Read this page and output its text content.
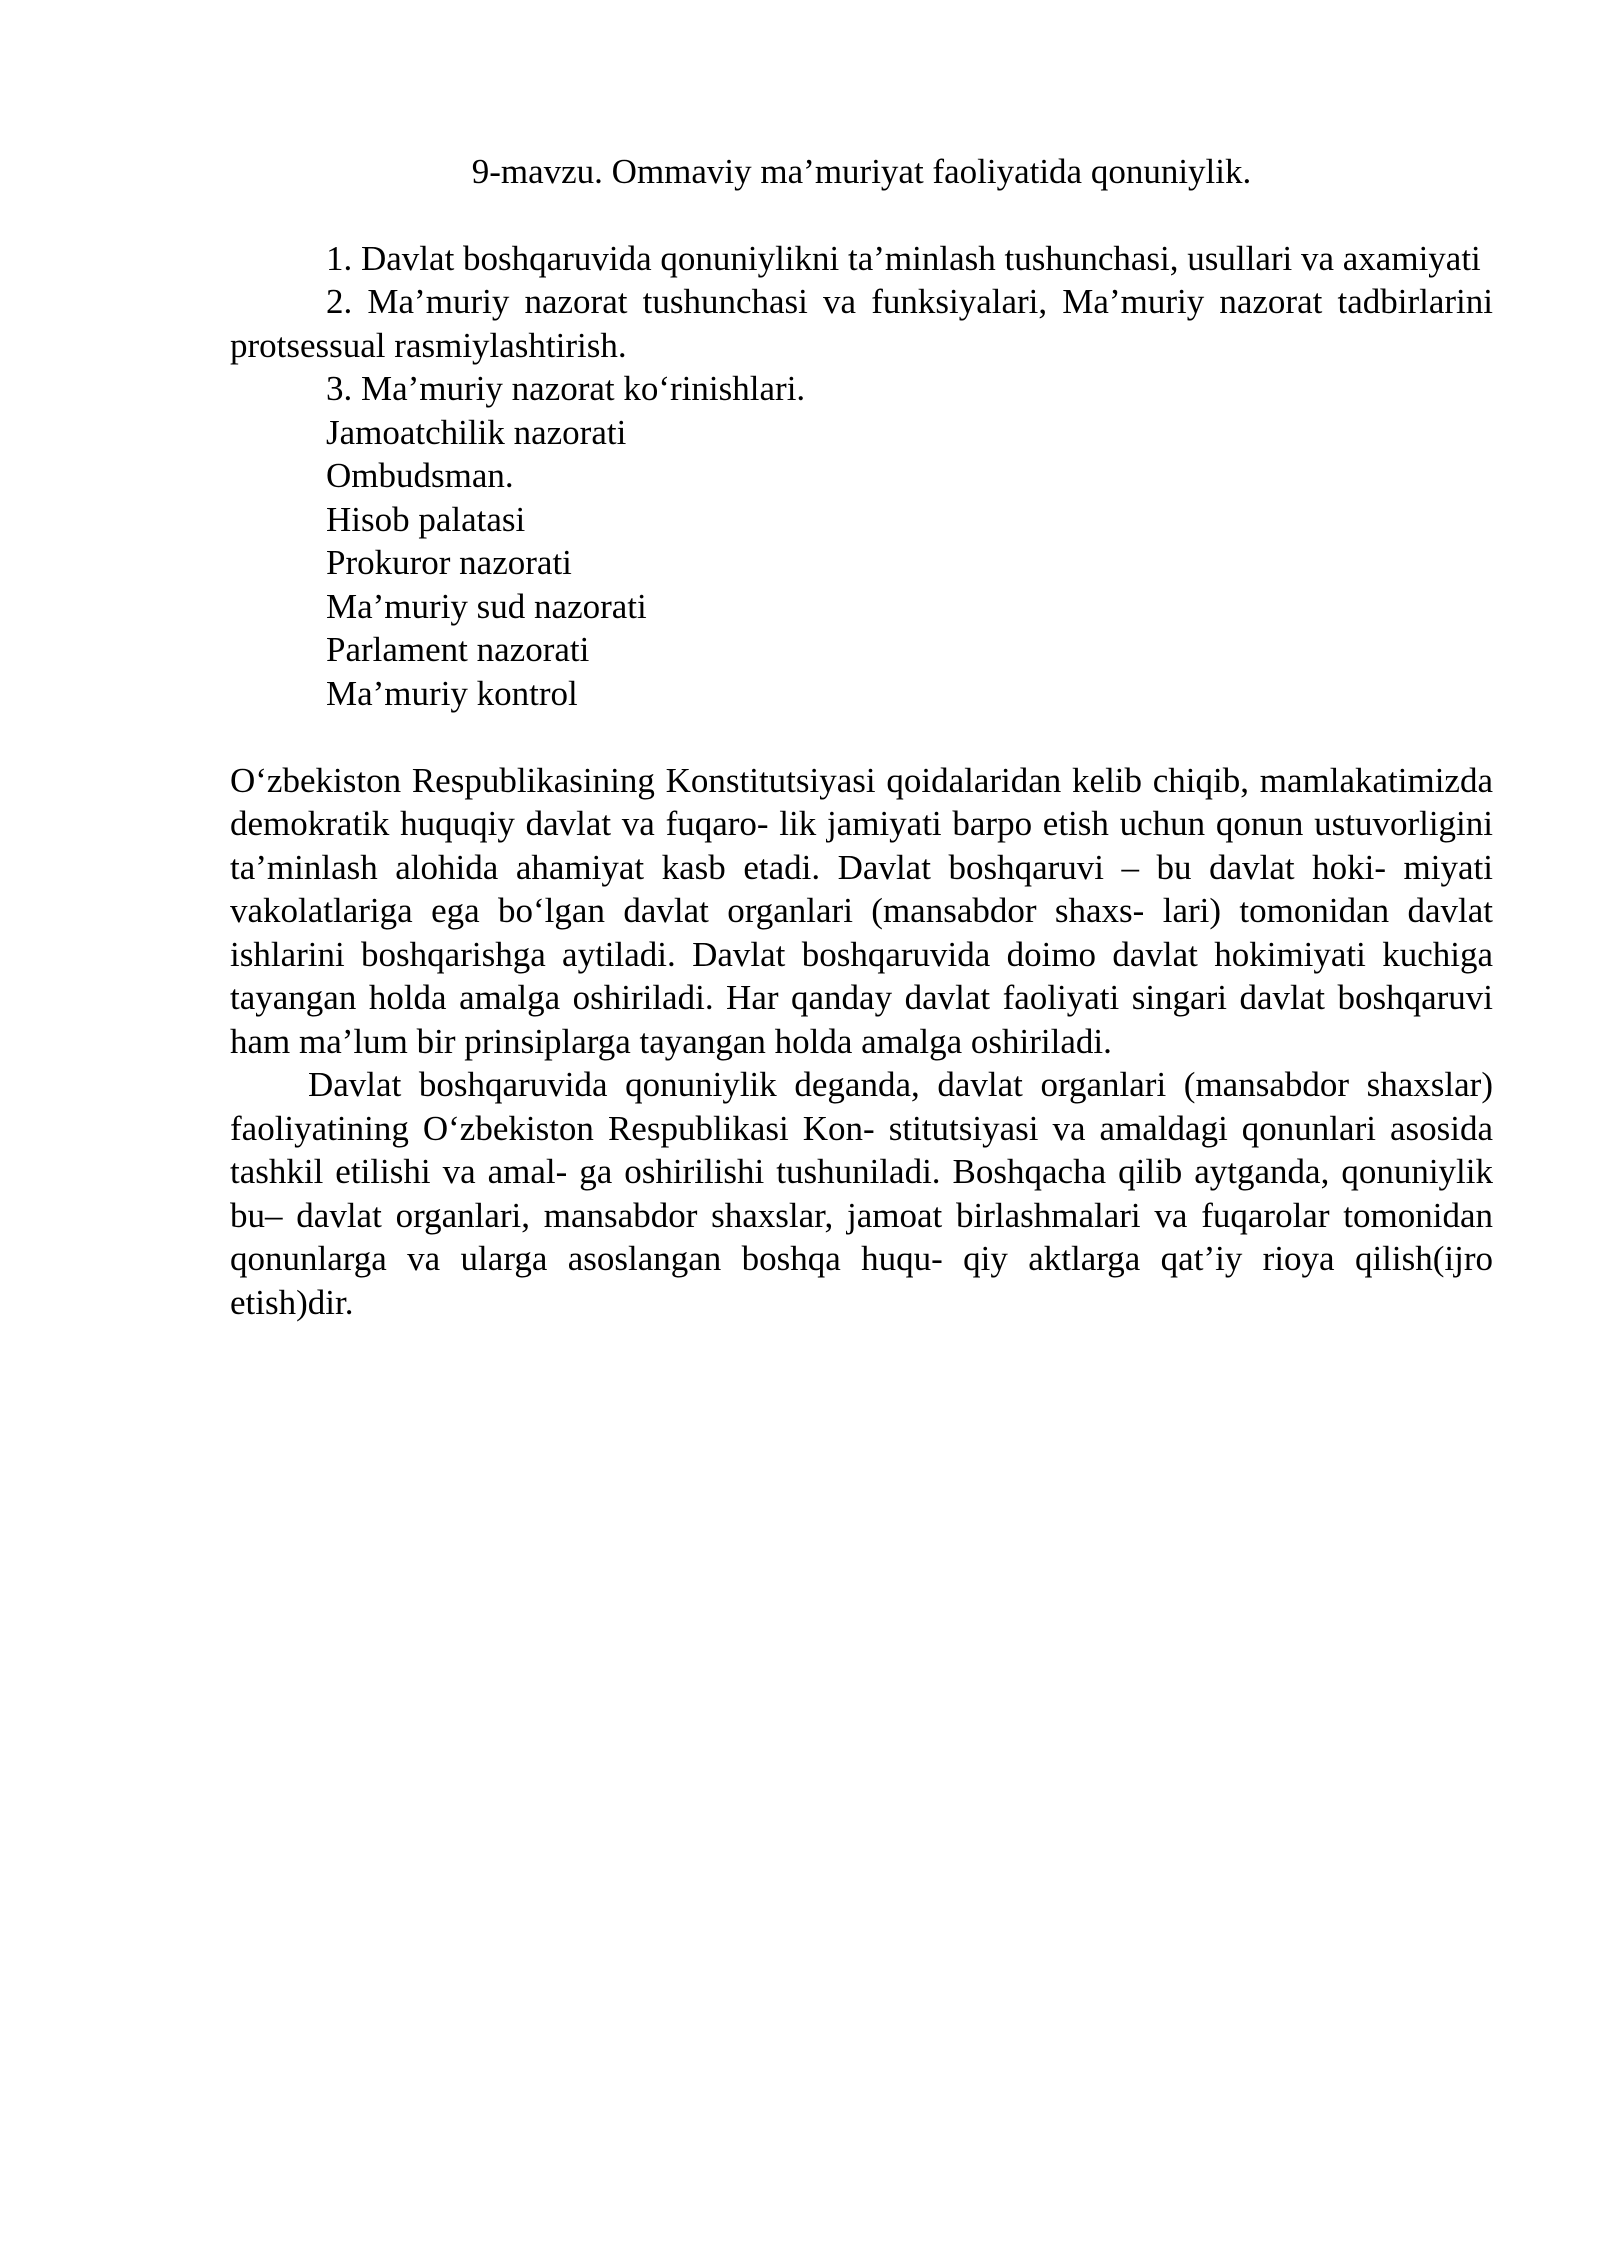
9-mavzu. Ommaviy ma’muriyat faoliyatida qonuniylik.

1. Davlat boshqaruvida qonuniylikni ta’minlash tushunchasi, usullari va axamiyati

2. Ma’muriy nazorat tushunchasi va funksiyalari, Ma’muriy nazorat tadbirlarini protsessual rasmiylashtirish.

3. Ma’muriy nazorat ko‘rinishlari.

Jamoatchilik nazorati
Ombudsman.
Hisob palatasi
Prokuror nazorati
Ma’muriy sud nazorati
Parlament nazorati
Ma’muriy kontrol

O‘zbekiston Respublikasining Konstitutsiyasi qoidalaridan kelib chiqib, mamlakatimizda demokratik huquqiy davlat va fuqaro- lik jamiyati barpo etish uchun qonun ustuvorligini ta’minlash alohida ahamiyat kasb etadi. Davlat boshqaruvi – bu davlat hoki- miyati vakolatlariga ega bo‘lgan davlat organlari (mansabdor shaxs- lari) tomonidan davlat ishlarini boshqarishga aytiladi. Davlat boshqaruvida doimo davlat hokimiyati kuchiga tayangan holda amalga oshiriladi. Har qanday davlat faoliyati singari davlat boshqaruvi ham ma’lum bir prinsiplarga tayangan holda amalga oshiriladi.

Davlat boshqaruvida qonuniylik deganda, davlat organlari (mansabdor shaxslar) faoliyatining O‘zbekiston Respublikasi Kon- stitutsiyasi va amaldagi qonunlari asosida tashkil etilishi va amal- ga oshirilishi tushuniladi. Boshqacha qilib aytganda, qonuniylik bu– davlat organlari, mansabdor shaxslar, jamoat birlashmalari va fuqarolar tomonidan qonunlarga va ularga asoslangan boshqa huqu- qiy aktlarga qat’iy rioya qilish(ijro etish)dir.
